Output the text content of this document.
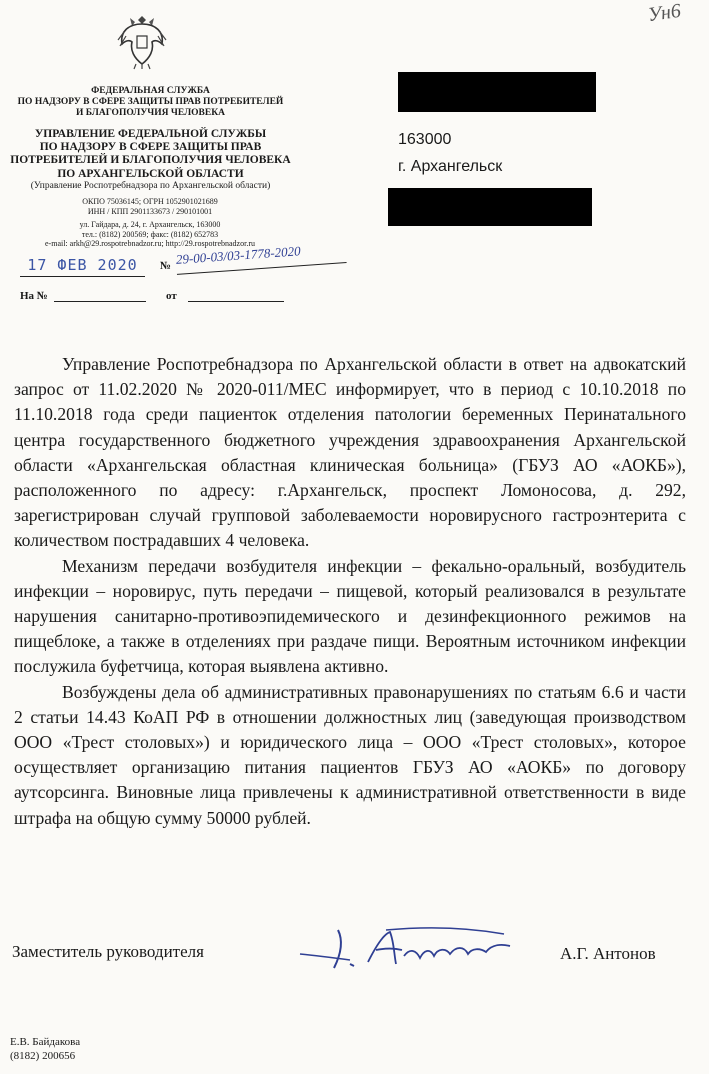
Ун6
ФЕДЕРАЛЬНАЯ СЛУЖБА
ПО НАДЗОРУ В СФЕРЕ ЗАЩИТЫ ПРАВ ПОТРЕБИТЕЛЕЙ
И БЛАГОПОЛУЧИЯ ЧЕЛОВЕКА
УПРАВЛЕНИЕ ФЕДЕРАЛЬНОЙ СЛУЖБЫ
ПО НАДЗОРУ В СФЕРЕ ЗАЩИТЫ ПРАВ
ПОТРЕБИТЕЛЕЙ И БЛАГОПОЛУЧИЯ ЧЕЛОВЕКА
ПО АРХАНГЕЛЬСКОЙ ОБЛАСТИ
(Управление Роспотребнадзора по Архангельской области)
ОКПО 75036145; ОГРН 1052901021689
ИНН / КПП 2901133673 / 290101001
ул. Гайдара, д. 24, г. Архангельск, 163000
тел.: (8182) 200569; факс: (8182) 652783
e-mail: arkh@29.rospotrebnadzor.ru; http://29.rospotrebnadzor.ru
17 ФЕВ 2020	№ 29-00-03/03-1778-2020
На №	от
163000
г. Архангельск

Управление Роспотребнадзора по Архангельской области в ответ на адвокатский запрос от 11.02.2020 № 2020-011/МЕС информирует, что в период с 10.10.2018 по 11.10.2018 года среди пациенток отделения патологии беременных Перинатального центра государственного бюджетного учреждения здравоохранения Архангельской области «Архангельская областная клиническая больница» (ГБУЗ АО «АОКБ»), расположенного по адресу: г.Архангельск, проспект Ломоносова, д. 292, зарегистрирован случай групповой заболеваемости норовирусного гастроэнтерита с количеством пострадавших 4 человека.

Механизм передачи возбудителя инфекции – фекально-оральный, возбудитель инфекции – норовирус, путь передачи – пищевой, который реализовался в результате нарушения санитарно-противоэпидемического и дезинфекционного режимов на пищеблоке, а также в отделениях при раздаче пищи. Вероятным источником инфекции послужила буфетчица, которая выявлена активно.

Возбуждены дела об административных правонарушениях по статьям 6.6 и части 2 статьи 14.43 КоАП РФ в отношении должностных лиц (заведующая производством ООО «Трест столовых») и юридического лица – ООО «Трест столовых», которое осуществляет организацию питания пациентов ГБУЗ АО «АОКБ» по договору аутсорсинга. Виновные лица привлечены к административной ответственности в виде штрафа на общую сумму 50000 рублей.

Заместитель руководителя	А.Г. Антонов
Е.В. Байдакова
(8182) 200656
